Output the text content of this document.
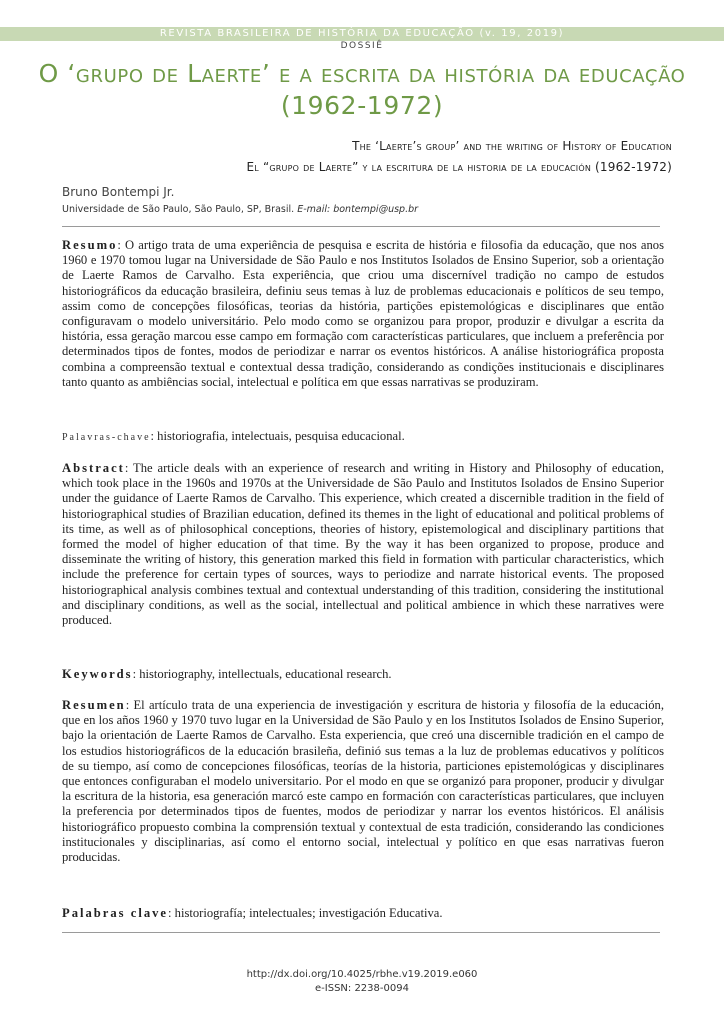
REVISTA BRASILEIRA DE HISTÓRIA DA EDUCAÇÃO (v. 19, 2019)
DOSSIÊ
O ‘grupo de Laerte’ e a escrita da história da educação (1962-1972)
The ‘Laerte’s group’ and the writing of History of Education
El “grupo de Laerte” y la escritura de la historia de la educación (1962-1972)
Bruno Bontempi Jr.
Universidade de São Paulo, São Paulo, SP, Brasil. E-mail: bontempi@usp.br
Resumo: O artigo trata de uma experiência de pesquisa e escrita de história e filosofia da educação, que nos anos 1960 e 1970 tomou lugar na Universidade de São Paulo e nos Institutos Isolados de Ensino Superior, sob a orientação de Laerte Ramos de Carvalho. Esta experiência, que criou uma discernível tradição no campo de estudos historiográficos da educação brasileira, definiu seus temas à luz de problemas educacionais e políticos de seu tempo, assim como de concepções filosóficas, teorias da história, partições epistemológicas e disciplinares que então configuravam o modelo universitário. Pelo modo como se organizou para propor, produzir e divulgar a escrita da história, essa geração marcou esse campo em formação com características particulares, que incluem a preferência por determinados tipos de fontes, modos de periodizar e narrar os eventos históricos. A análise historiográfica proposta combina a compreensão textual e contextual dessa tradição, considerando as condições institucionais e disciplinares tanto quanto as ambiências social, intelectual e política em que essas narrativas se produziram.
Palavras-chave: historiografia, intelectuais, pesquisa educacional.
Abstract: The article deals with an experience of research and writing in History and Philosophy of education, which took place in the 1960s and 1970s at the Universidade de São Paulo and Institutos Isolados de Ensino Superior under the guidance of Laerte Ramos de Carvalho. This experience, which created a discernible tradition in the field of historiographical studies of Brazilian education, defined its themes in the light of educational and political problems of its time, as well as of philosophical conceptions, theories of history, epistemological and disciplinary partitions that formed the model of higher education of that time. By the way it has been organized to propose, produce and disseminate the writing of history, this generation marked this field in formation with particular characteristics, which include the preference for certain types of sources, ways to periodize and narrate historical events. The proposed historiographical analysis combines textual and contextual understanding of this tradition, considering the institutional and disciplinary conditions, as well as the social, intellectual and political ambience in which these narratives were produced.
Keywords: historiography, intellectuals, educational research.
Resumen: El artículo trata de una experiencia de investigación y escritura de historia y filosofía de la educación, que en los años 1960 y 1970 tuvo lugar en la Universidad de São Paulo y en los Institutos Isolados de Ensino Superior, bajo la orientación de Laerte Ramos de Carvalho. Esta experiencia, que creó una discernible tradición en el campo de los estudios historiográficos de la educación brasileña, definió sus temas a la luz de problemas educativos y políticos de su tiempo, así como de concepciones filosóficas, teorías de la historia, particiones epistemológicas y disciplinares que entonces configuraban el modelo universitario. Por el modo en que se organizó para proponer, producir y divulgar la escritura de la historia, esa generación marcó este campo en formación con características particulares, que incluyen la preferencia por determinados tipos de fuentes, modos de periodizar y narrar los eventos históricos. El análisis historiográfico propuesto combina la comprensión textual y contextual de esta tradición, considerando las condiciones institucionales y disciplinarias, así como el entorno social, intelectual y político en que esas narrativas fueron producidas.
Palabras clave: historiografía; intelectuales; investigación Educativa.
http://dx.doi.org/10.4025/rbhe.v19.2019.e060
e-ISSN: 2238-0094
